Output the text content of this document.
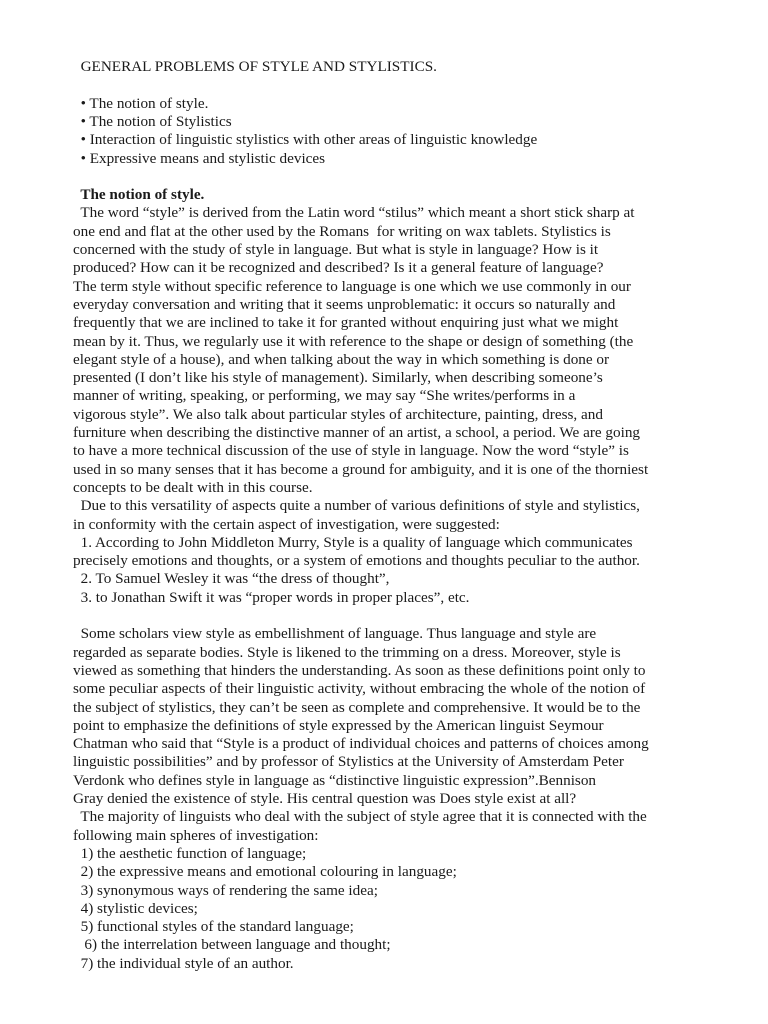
GENERAL PROBLEMS OF STYLE AND STYLISTICS.
• The notion of style.
• The notion of Stylistics
• Interaction of linguistic stylistics with other areas of linguistic knowledge
• Expressive means and stylistic devices
The notion of style.
The word “style” is derived from the Latin word “stilus” which meant a short stick sharp at
one end and flat at the other used by the Romans  for writing on wax tablets. Stylistics is
concerned with the study of style in language. But what is style in language? How is it
produced? How can it be recognized and described? Is it a general feature of language?
The term style without specific reference to language is one which we use commonly in our
everyday conversation and writing that it seems unproblematic: it occurs so naturally and
frequently that we are inclined to take it for granted without enquiring just what we might
mean by it. Thus, we regularly use it with reference to the shape or design of something (the
elegant style of a house), and when talking about the way in which something is done or
presented (I don’t like his style of management). Similarly, when describing someone’s
manner of writing, speaking, or performing, we may say “She writes/performs in a
vigorous style”. We also talk about particular styles of architecture, painting, dress, and
furniture when describing the distinctive manner of an artist, a school, a period. We are going
to have a more technical discussion of the use of style in language. Now the word “style” is
used in so many senses that it has become a ground for ambiguity, and it is one of the thorniest
concepts to be dealt with in this course.
Due to this versatility of aspects quite a number of various definitions of style and stylistics,
in conformity with the certain aspect of investigation, were suggested:
1. According to John Middleton Murry, Style is a quality of language which communicates
precisely emotions and thoughts, or a system of emotions and thoughts peculiar to the author.
2. To Samuel Wesley it was “the dress of thought”,
3. to Jonathan Swift it was “proper words in proper places”, etc.
Some scholars view style as embellishment of language. Thus language and style are
regarded as separate bodies. Style is likened to the trimming on a dress. Moreover, style is
viewed as something that hinders the understanding. As soon as these definitions point only to
some peculiar aspects of their linguistic activity, without embracing the whole of the notion of
the subject of stylistics, they can’t be seen as complete and comprehensive. It would be to the
point to emphasize the definitions of style expressed by the American linguist Seymour
Chatman who said that “Style is a product of individual choices and patterns of choices among
linguistic possibilities” and by professor of Stylistics at the University of Amsterdam Peter
Verdonk who defines style in language as “distinctive linguistic expression”.Bennison
Gray denied the existence of style. His central question was Does style exist at all?
The majority of linguists who deal with the subject of style agree that it is connected with the
following main spheres of investigation:
1) the aesthetic function of language;
2) the expressive means and emotional colouring in language;
3) synonymous ways of rendering the same idea;
4) stylistic devices;
5) functional styles of the standard language;
6) the interrelation between language and thought;
7) the individual style of an author.
